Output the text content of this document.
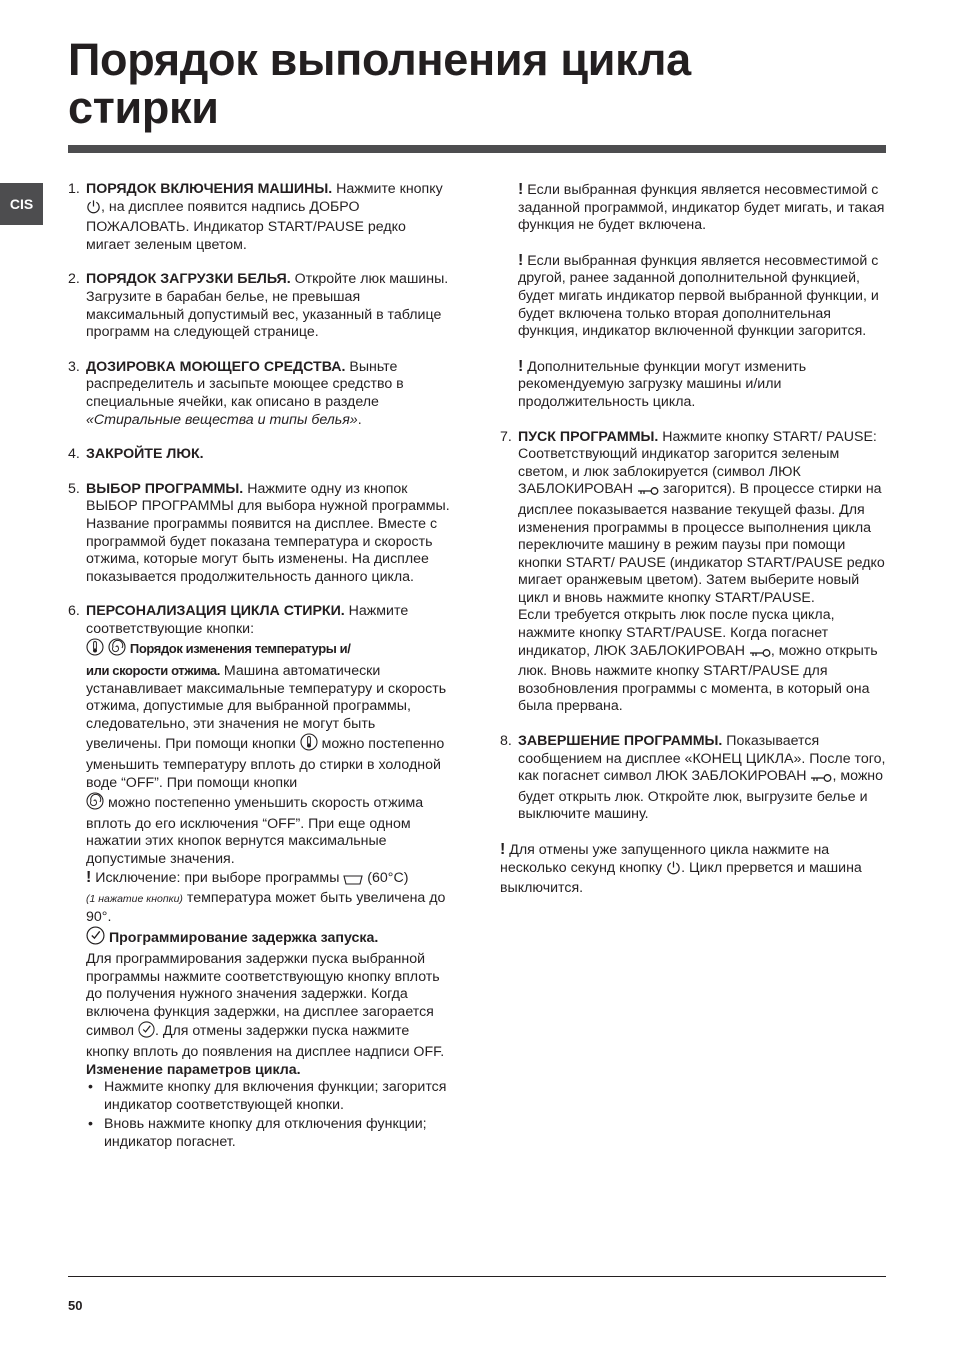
Порядок выполнения цикла
стирки
CIS
1. ПОРЯДОК ВКЛЮЧЕНИЯ МАШИНЫ. Нажмите кнопку , на дисплее появится надпись ДОБРО ПОЖАЛОВАТЬ. Индикатор START/PAUSE редко мигает зеленым цветом.

2. ПОРЯДОК ЗАГРУЗКИ БЕЛЬЯ. Откройте люк машины. Загрузите в барабан белье, не превышая максимальный допустимый вес, указанный в таблице программ на следующей странице.

3. ДОЗИРОВКА МОЮЩЕГО СРЕДСТВА. Выньте распределитель и засыпьте моющее средство в специальные ячейки, как описано в разделе «Стиральные вещества и типы белья».

4. ЗАКРОЙТЕ ЛЮК.

5. ВЫБОР ПРОГРАММЫ. Нажмите одну из кнопок ВЫБОР ПРОГРАММЫ для выбора нужной программы. Название программы появится на дисплее. Вместе с программой будет показана температура и скорость отжима, которые могут быть изменены. На дисплее показывается продолжительность данного цикла.

6. ПЕРСОНАЛИЗАЦИЯ ЦИКЛА СТИРКИ. Нажмите соответствующие кнопки:

Порядок изменения температуры и/
или скорости отжима. Машина автоматически устанавливает максимальные температуру и скорость отжима, допустимые для выбранной программы, следовательно, эти значения не могут быть увеличены. При помощи кнопки  можно постепенно уменьшить температуру вплоть до стирки в холодной воде “OFF”. При помощи кнопки
можно постепенно уменьшить скорость отжима вплоть до его исключения “OFF”. При еще одном нажатии этих кнопок вернутся максимальные допустимые значения.
! Исключение: при выборе программы  (60°C)
(1 нажатие кнопки) температура может быть увеличена до 90°.

Программирование задержка запуска.
Для программирования задержки пуска выбранной программы нажмите соответствующую кнопку вплоть до получения нужного значения задержки. Когда включена функция задержки, на дисплее загорается символ . Для отмены задержки пуска нажмите кнопку вплоть до появления на дисплее надписи OFF.

Изменение параметров цикла.

• Нажмите кнопку для включения функции; загорится индикатор соответствующей кнопки.
• Вновь нажмите кнопку для отключения функции; индикатор погаснет.

! Если выбранная функция является несовместимой с заданной программой, индикатор будет мигать, и такая функция не будет включена.

! Если выбранная функция является несовместимой с другой, ранее заданной дополнительной функцией, будет мигать индикатор первой выбранной функции, и будет включена только вторая дополнительная функция, индикатор включенной функции загорится.

! Дополнительные функции могут изменить рекомендуемую загрузку машины и/или продолжительность цикла.

7. ПУСК ПРОГРАММЫ. Нажмите кнопку START/ PAUSE: Соответствующий индикатор загорится зеленым светом, и люк заблокируется (символ ЛЮК ЗАБЛОКИРОВАН  загорится). В процессе стирки на дисплее показывается название текущей фазы. Для изменения программы в процессе выполнения цикла переключите машину в режим паузы при помощи кнопки START/ PAUSE (индикатор START/PAUSE редко мигает оранжевым цветом). Затем выберите новый цикл и вновь нажмите кнопку START/PAUSE.
Если требуется открыть люк после пуска цикла, нажмите кнопку START/PAUSE. Когда погаснет индикатор, ЛЮК ЗАБЛОКИРОВАН , можно открыть люк. Вновь нажмите кнопку START/PAUSE для возобновления программы с момента, в который она была прервана.

8. ЗАВЕРШЕНИЕ ПРОГРАММЫ. Показывается сообщением на дисплее «КОНЕЦ ЦИКЛА». После того, как погаснет символ ЛЮК ЗАБЛОКИРОВАН , можно будет открыть люк. Откройте люк, выгрузите белье и выключите машину.

! Для отмены уже запущенного цикла нажмите на несколько секунд кнопку . Цикл прервется и машина выключится.

50
